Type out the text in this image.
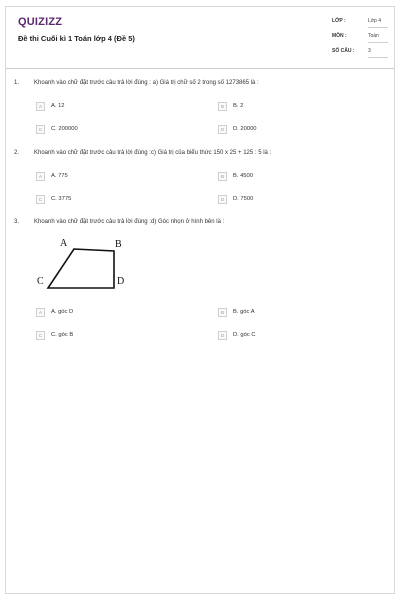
QUIZIZZ
Đề thi Cuối kì 1 Toán lớp 4 (Đề 5)
LỚP :	Lớp 4
MÔN :	Toán
SỐ CÂU :	3
1. Khoanh vào chữ đặt trước câu trả lời đúng : a) Giá trị chữ số 2 trong số 1273865 là :
A	A. 12	B	B. 2
C	C. 200000	D	D. 20000
2. Khoanh vào chữ đặt trước câu trả lời đúng :c) Giá trị của biểu thức 150 x 25 + 125 : 5 là :
A	A. 775	B	B. 4500
C	C. 3775	D	D. 7500
3. Khoanh vào chữ đặt trước câu trả lời đúng :d) Góc nhọn ở hình bên là :
A	B
C	D
A	A. góc D	B	B. góc A
C	C. góc B	D	D. góc C
